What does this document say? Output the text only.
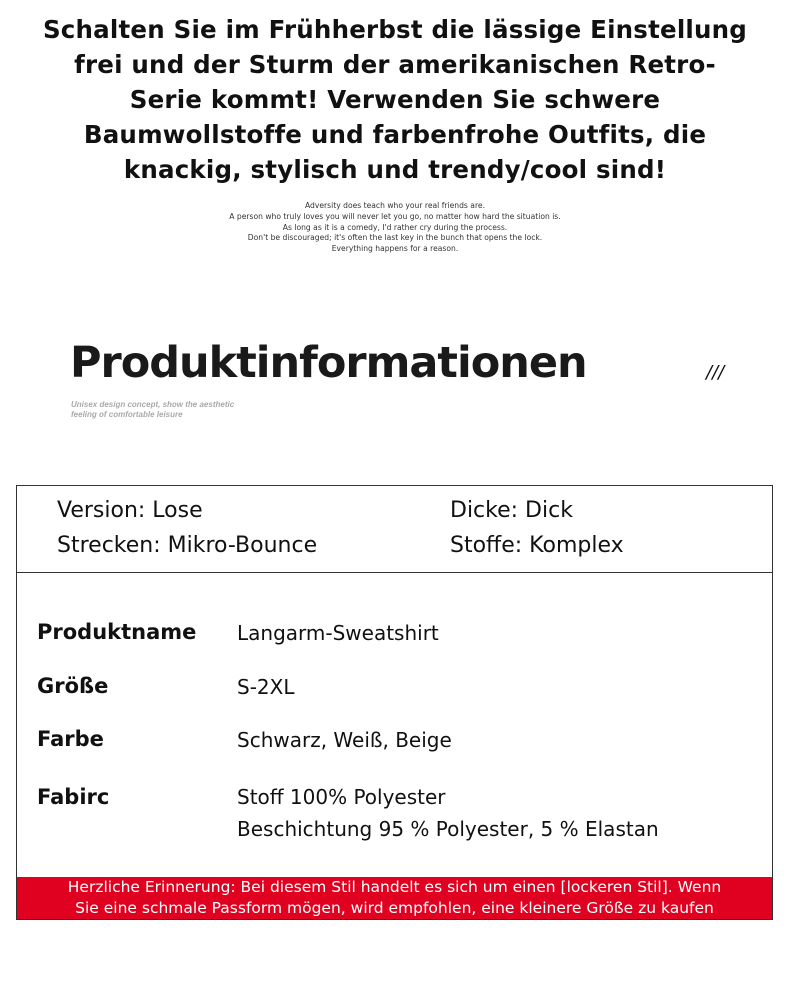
Schalten Sie im Frühherbst die lässige Einstellung
frei und der Sturm der amerikanischen Retro-
Serie kommt! Verwenden Sie schwere
Baumwollstoffe und farbenfrohe Outfits, die
knackig, stylisch und trendy/cool sind!
Adversity does teach who your real friends are.
A person who truly loves you will never let you go, no matter how hard the situation is.
As long as it is a comedy, I'd rather cry during the process.
Don't be discouraged; it's often the last key in the bunch that opens the lock.
Everything happens for a reason.
Produktinformationen	///
Unisex design concept, show the aesthetic
feeling of comfortable leisure
Version: Lose	Dicke: Dick
Strecken: Mikro-Bounce	Stoffe: Komplex
Produktname Langarm-Sweatshirt
Größe	S-2XL
Farbe	Schwarz, Weiß, Beige
Fabirc	Stoff 100% Polyester
Beschichtung 95 % Polyester, 5 % Elastan
Herzliche Erinnerung: Bei diesem Stil handelt es sich um einen [lockeren Stil]. Wenn
Sie eine schmale Passform mögen, wird empfohlen, eine kleinere Größe zu kaufen
